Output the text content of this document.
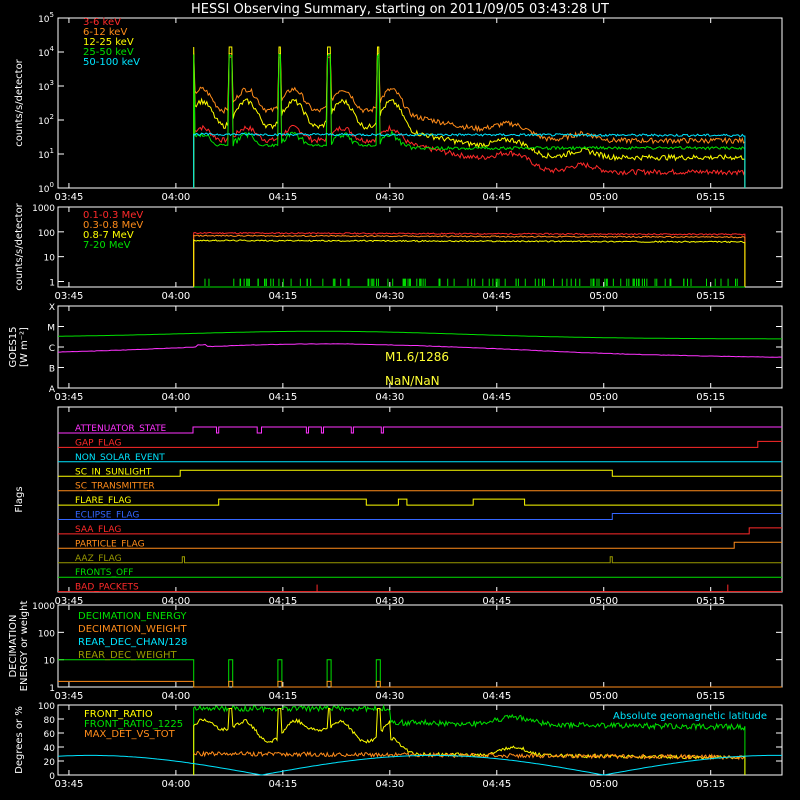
HESSI Observing Summary, starting on 2011/09/05 03:43:28 UT
03:45	04:00	04:15	04:30	04:45	05:00	05:15
counts/s/detector
$10^0$
$10^1$
$10^2$
$10^3$
$10^4$
$10^5$
3-6 keV
6-12 keV
12-25 keV
25-50 keV
50-100 keV
03:45	04:00	04:15	04:30	04:45	05:00	05:15
counts/s/detector	1
10
100
1000
0.1-0.3 MeV
0.3-0.8 MeV
0.8-7 MeV
7-20 MeV
03:45	04:00	04:15	04:30	04:45	05:00	05:15
GOES15 [W m⁻²]
A
B
C
M
X
M1.6/1286
NaN/NaN
03:45	04:00	04:15	04:30	04:45	05:00	05:15
Flags
ATTENUATOR_STATE
GAP_FLAG
NON_SOLAR_EVENT
SC_IN_SUNLIGHT
SC_TRANSMITTER
FLARE_FLAG
ECLIPSE_FLAG
SAA_FLAG
PARTICLE_FLAG
AAZ_FLAG
FRONTS_OFF
BAD_PACKETS
03:45	04:00	04:15	04:30	04:45	05:00	05:15
DECIMATION ENERGY or weight 1
10
100
1000
DECIMATION_ENERGY
DECIMATION_WEIGHT
REAR_DEC_CHAN/128
REAR_DEC_WEIGHT
03:45	04:00	04:15	04:30	04:45	05:00	05:15
Degrees or %
0
20
40
60
80
100
FRONT_RATIO
FRONT_RATIO_1225
MAX_DET_VS_TOT
Absolute geomagnetic latitude
